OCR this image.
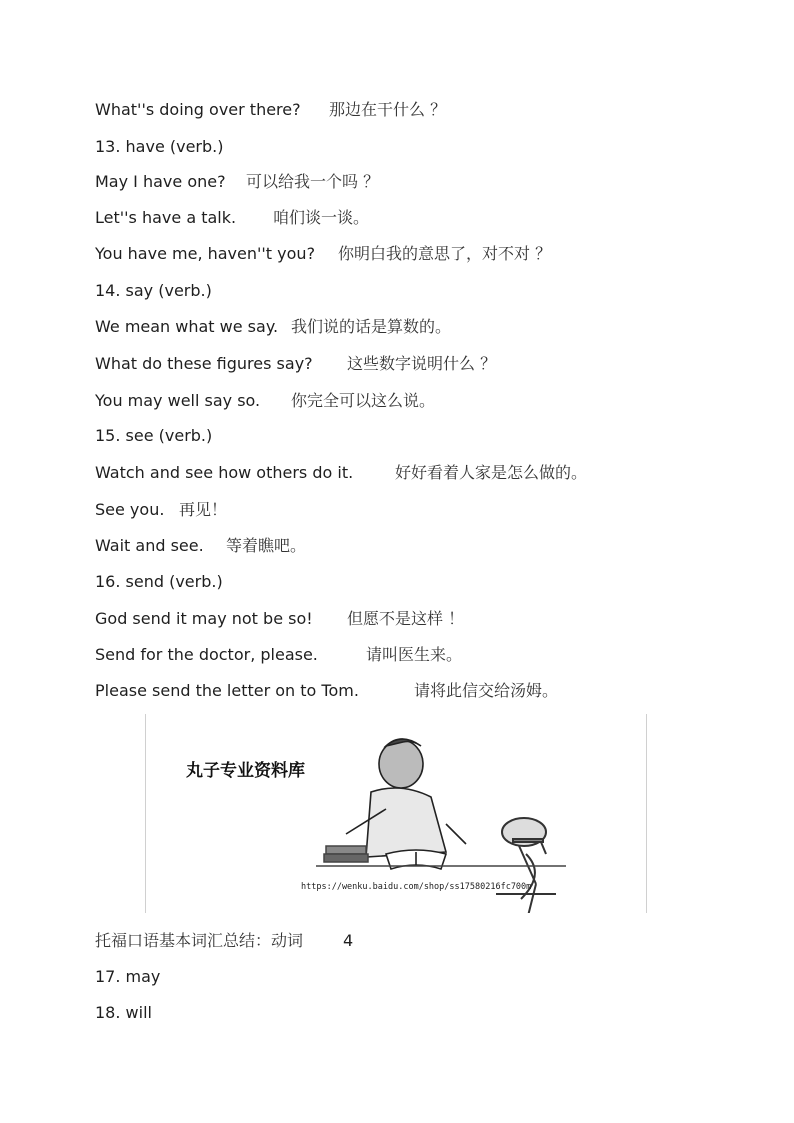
What''s doing over there? 那边在干什么 ？
13. have (verb.)
May I have one? 可以给我一个吗 ？
Let''s have a talk. 咱们谈一谈。
You have me, haven''t you? 你明白我的意思了，对不对 ？
14. say (verb.)
We mean what we say. 我们说的话是算数的。
What do these figures say? 这些数字说明什么 ？
You may well say so. 你完全可以这么说。
15. see (verb.)
Watch and see how others do it.	好好看着人家是怎么做的。
See you. 再见！
Wait and see. 等着瞧吧。
16. send (verb.)
God send it may not be so! 但愿不是这样 ！
Send for the doctor, please.	请叫医生来。
Please send the letter on to Tom.	请将此信交给汤姆。
丸子专业资料库
https://wenku.baidu.com/shop/ss17580216fc700m
托福口语基本词汇总结：动词 4
17. may
18. will
